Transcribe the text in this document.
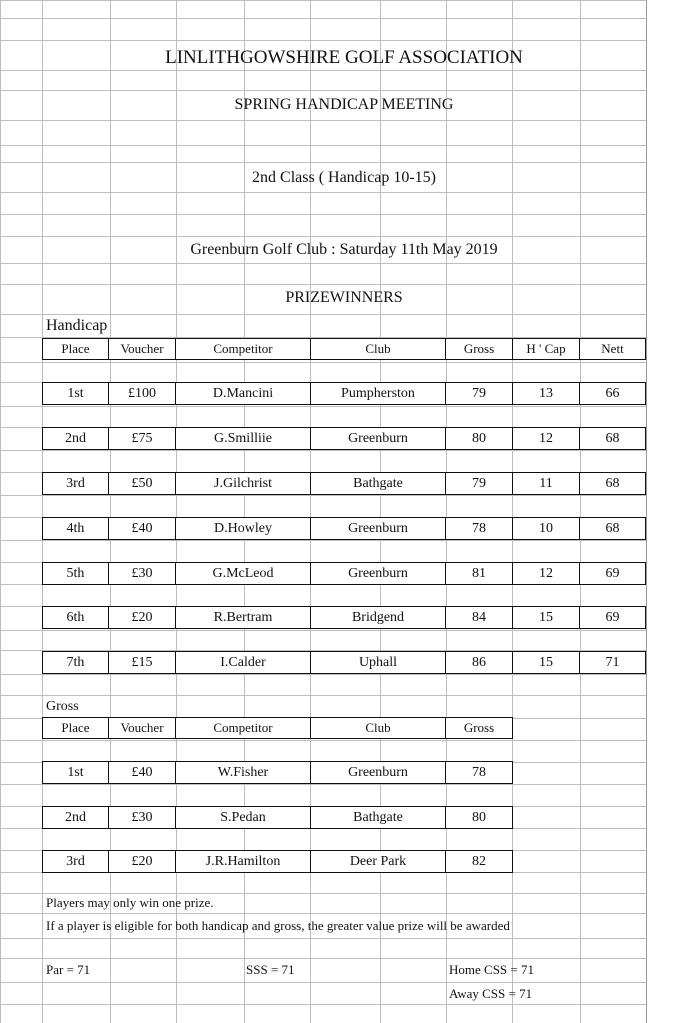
LINLITHGOWSHIRE GOLF ASSOCIATION
SPRING HANDICAP MEETING
2nd Class ( Handicap 10-15)
Greenburn Golf Club : Saturday 11th May 2019
PRIZEWINNERS
Handicap
Place	Voucher	Competitor	Club	Gross	H ' Cap	Nett
1st	£100	D.Mancini	Pumpherston	79	13	66
2nd	£75	G.Smilliie	Greenburn	80	12	68
3rd	£50	J.Gilchrist	Bathgate	79	11	68
4th	£40	D.Howley	Greenburn	78	10	68
5th	£30	G.McLeod	Greenburn	81	12	69
6th	£20	R.Bertram	Bridgend	84	15	69
7th	£15	I.Calder	Uphall	86	15	71
Gross
Place	Voucher	Competitor	Club	Gross
1st	£40	W.Fisher	Greenburn	78
2nd	£30	S.Pedan	Bathgate	80
3rd	£20	J.R.Hamilton	Deer Park	82
Players may only win one prize.
If a player is eligible for both handicap and gross, the greater value prize will be awarded
Par = 71	SSS = 71	Home CSS = 71
Away CSS = 71
